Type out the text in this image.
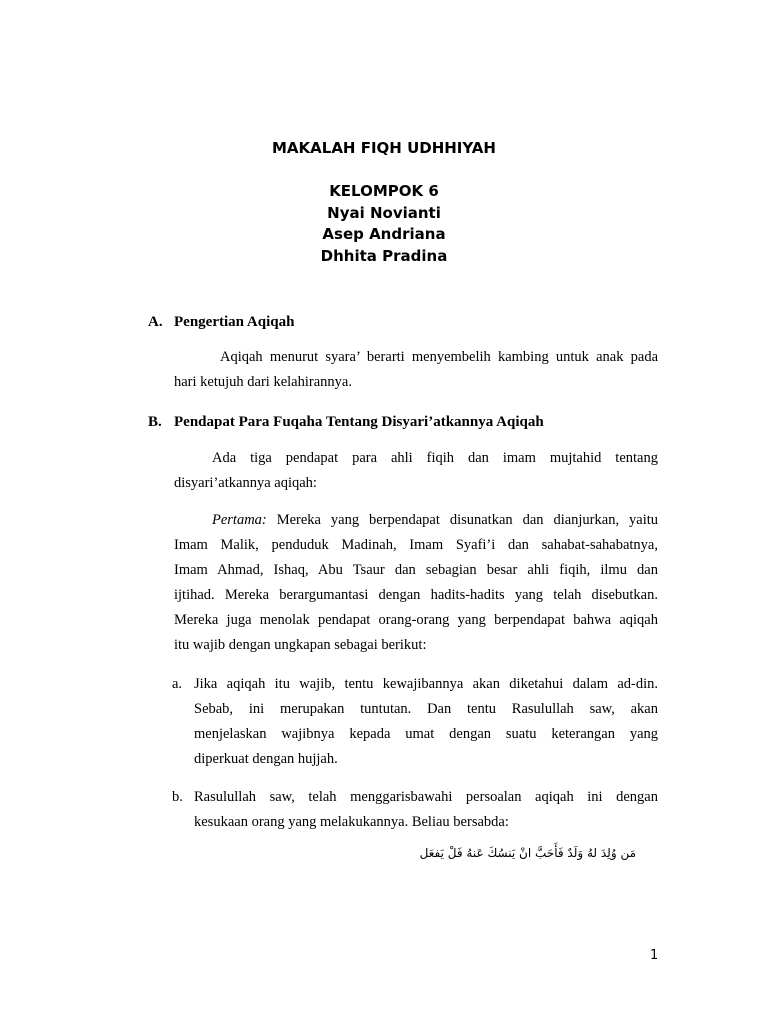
MAKALAH FIQH UDHHIYAH
KELOMPOK 6
Nyai Novianti
Asep Andriana
Dhhita Pradina
A. Pengertian Aqiqah
Aqiqah menurut syara’ berarti menyembelih kambing untuk anak pada
hari ketujuh dari kelahirannya.
B. Pendapat Para Fuqaha Tentang Disyari’atkannya Aqiqah
Ada tiga pendapat para ahli fiqih dan imam mujtahid tentang
disyari’atkannya aqiqah:
Pertama: Mereka yang berpendapat disunatkan dan dianjurkan, yaitu
Imam Malik, penduduk Madinah, Imam Syafi’i dan sahabat-sahabatnya,
Imam Ahmad, Ishaq, Abu Tsaur dan sebagian besar ahli fiqih, ilmu dan
ijtihad. Mereka berargumantasi dengan hadits-hadits yang telah disebutkan.
Mereka juga menolak pendapat orang-orang yang berpendapat bahwa aqiqah
itu wajib dengan ungkapan sebagai berikut:
a. Jika aqiqah itu wajib, tentu kewajibannya akan diketahui dalam ad-din.
Sebab, ini merupakan tuntutan. Dan tentu Rasulullah saw, akan
menjelaskan wajibnya kepada umat dengan suatu keterangan yang
diperkuat dengan hujjah.
b. Rasulullah saw, telah menggarisbawahi persoalan aqiqah ini dengan
kesukaan orang yang melakukannya. Beliau bersabda:
مَن وُلِدَ لهُ وَلَدٌ فَأَحَبَّ انْ يَنسُكَ عَنهُ فَلْ يَفعَل
1
